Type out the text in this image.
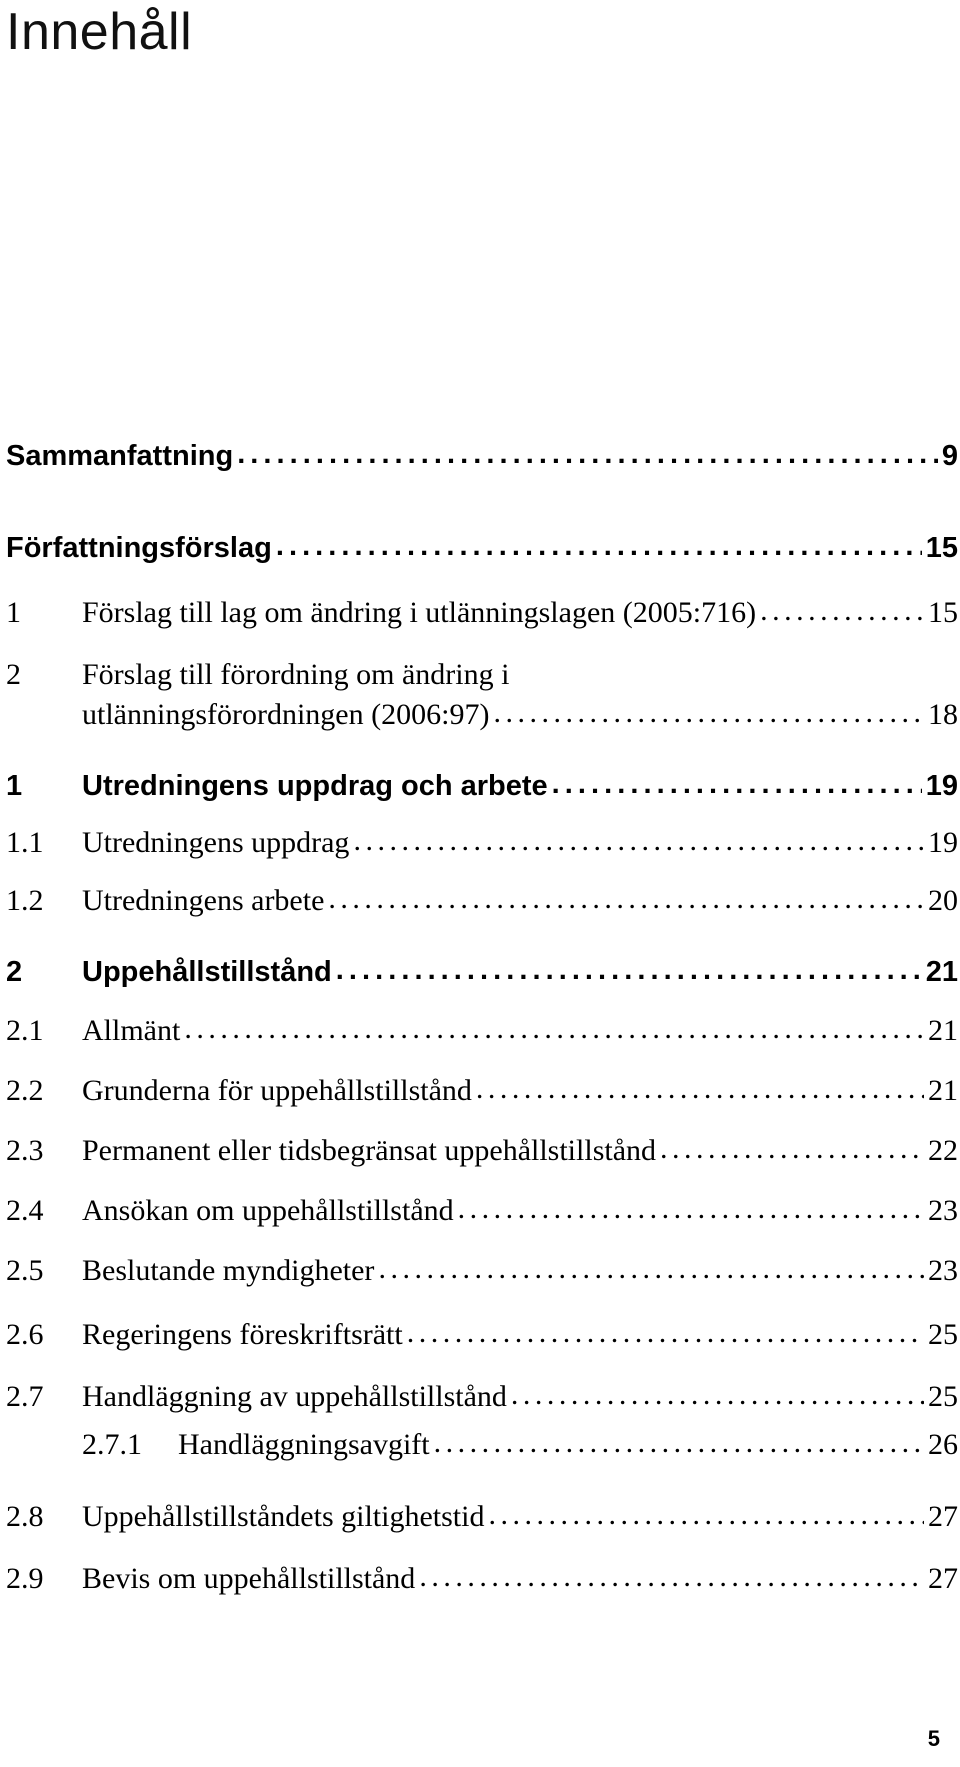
Innehåll
Sammanfattning . . .	9
Författningsförslag . . .	15
1	Förslag till lag om ändring i utlänningslagen (2005:716) . . .	15
2	Förslag till förordning om ändring i
utlänningsförordningen (2006:97) . . .	18
1	Utredningens uppdrag och arbete . . .	19
1.1	Utredningens uppdrag . . .	19
1.2	Utredningens arbete . . .	20
2	Uppehållstillstånd . . .	21
2.1	Allmänt . . .	21
2.2	Grunderna för uppehållstillstånd . . .	21
2.3	Permanent eller tidsbegränsat uppehållstillstånd . . .	22
2.4	Ansökan om uppehållstillstånd . . .	23
2.5	Beslutande myndigheter . . .	23
2.6	Regeringens föreskriftsrätt . . .	25
2.7	Handläggning av uppehållstillstånd . . .	25
2.7.1	Handläggningsavgift . . .	26
2.8	Uppehållstillståndets giltighetstid . . .	27
2.9	Bevis om uppehållstillstånd . . .	27
5
